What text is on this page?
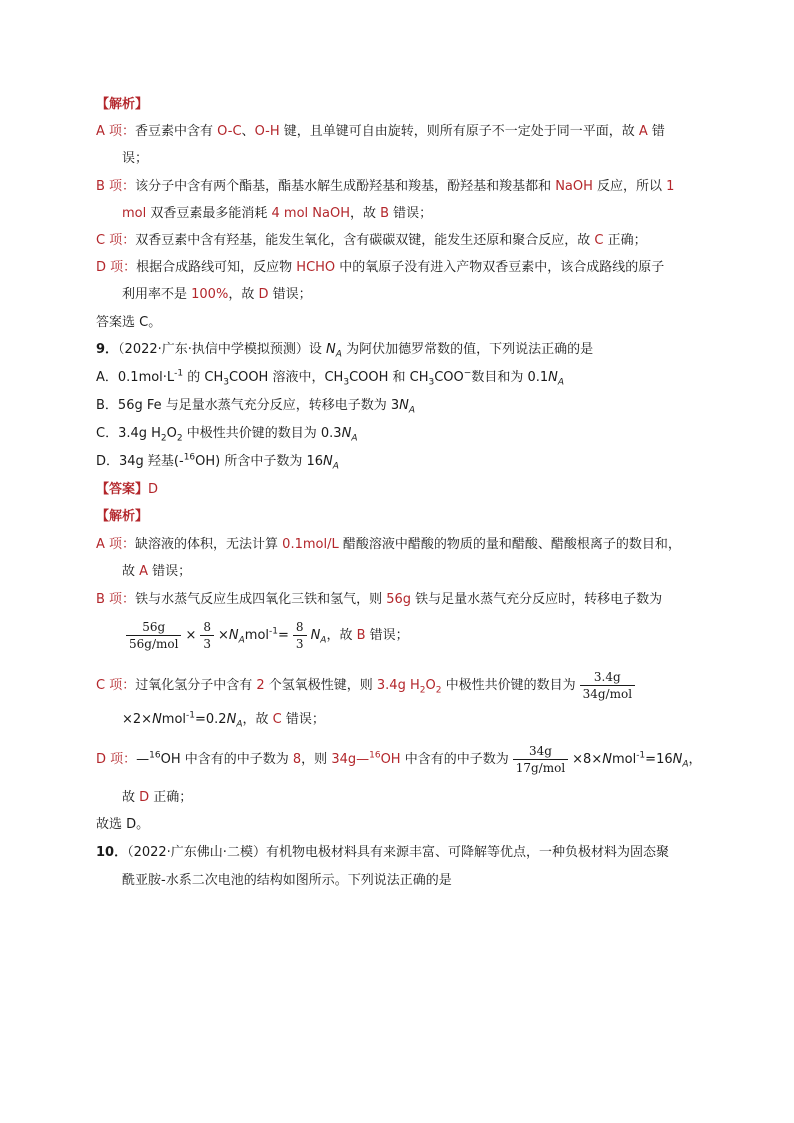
【解析】
A 项：香豆素中含有 O-C、O-H 键，且单键可自由旋转，则所有原子不一定处于同一平面，故 A 错
误；
B 项：该分子中含有两个酯基，酯基水解生成酚羟基和羧基，酚羟基和羧基都和 NaOH 反应，所以 1
mol 双香豆素最多能消耗 4 mol NaOH，故 B 错误；
C 项：双香豆素中含有羟基，能发生氧化，含有碳碳双键，能发生还原和聚合反应，故 C 正确；
D 项：根据合成路线可知，反应物 HCHO 中的氧原子没有进入产物双香豆素中，该合成路线的原子
利用率不是 100%，故 D 错误；
答案选 C。
9．（2022·广东·执信中学模拟预测）设 $N_A$ 为阿伏加德罗常数的值，下列说法正确的是
A．$0.1mol\cdot L^{-1}$ 的 $CH_3COOH$ 溶液中，$CH_3COOH$ 和 $CH_3COO^-$数目和为 $0.1N_A$
B．56g Fe 与足量水蒸气充分反应，转移电子数为 $3N_A$
C．3.4g $H_2O_2$ 中极性共价键的数目为 $0.3N_A$
D．34g 羟基(-$^{16}$OH) 所含中子数为 $16N_A$
【答案】D
【解析】
A 项：缺溶液的体积，无法计算 0.1mol/L 醋酸溶液中醋酸的物质的量和醋酸、醋酸根离子的数目和，
故 A 错误；
B 项：铁与水蒸气反应生成四氧化三铁和氢气，则 56g 铁与足量水蒸气充分反应时，转移电子数为
$\frac{56g}{\text{56g/mol}} \times \frac{8}{3} \times N_Amol^{-1}= \frac{8}{3} N_A$，故 B 错误；
C 项：过氧化氢分子中含有 2 个氢氧极性键，则 3.4g $H_2O_2$ 中极性共价键的数目为 $\frac{3.4g}{\text{34g/mol}}$
$\times 2\times Nmol^{-1}=0.2N_A$，故 C 错误；
D 项：—$^{16}$OH 中含有的中子数为 8，则 34g—$^{16}$OH 中含有的中子数为 $\frac{34g}{\text{17g/mol}}$ $\times 8\times Nmol^{-1}=16N_A$，
故 D 正确；
故选 D。
10．（2022·广东佛山·二模）有机物电极材料具有来源丰富、可降解等优点，一种负极材料为固态聚
酰亚胺-水系二次电池的结构如图所示。下列说法正确的是
